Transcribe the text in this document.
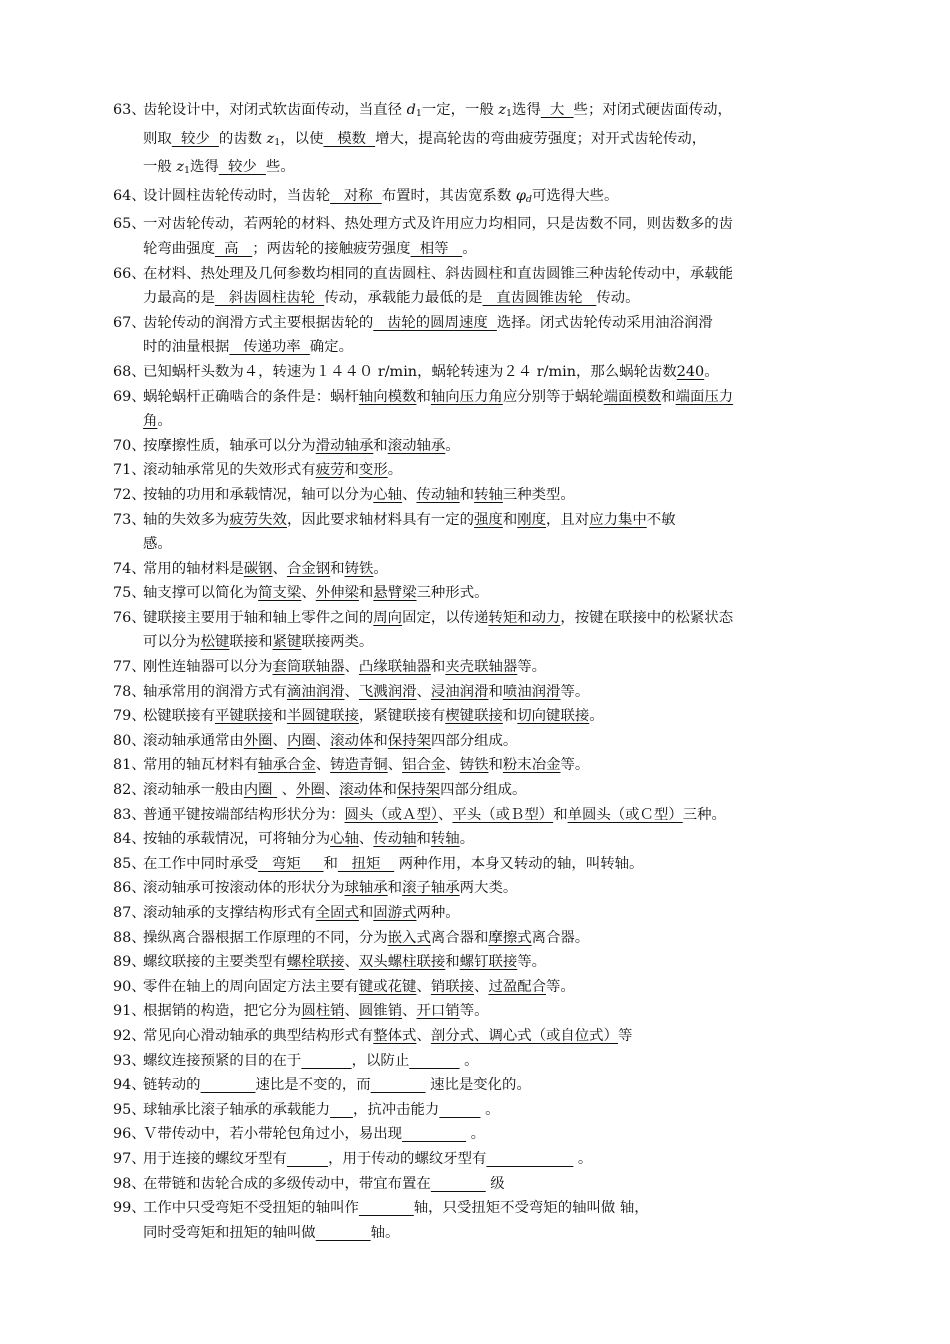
63、齿轮设计中，对闭式软齿面传动，当直径 $d_1$一定，一般 $z_1$选得  大  些；对闭式硬齿面传动，
则取  较少  的齿数 $z_1$，以使   模数  增大，提高轮齿的弯曲疲劳强度；对开式齿轮传动，
一般 $z_1$选得  较少  些。
64、设计圆柱齿轮传动时，当齿轮   对称  布置时，其齿宽系数 $\varphi_d$可选得大些。
65、一对齿轮传动，若两轮的材料、热处理方式及许用应力均相同，只是齿数不同，则齿数多的齿
轮弯曲强度  高   ；两齿轮的接触疲劳强度  相等   。
66、在材料、热处理及几何参数均相同的直齿圆柱、斜齿圆柱和直齿圆锥三种齿轮传动中，承载能
力最高的是   斜齿圆柱齿轮  传动，承载能力最低的是   直齿圆锥齿轮   传动。
67、齿轮传动的润滑方式主要根据齿轮的   齿轮的圆周速度  选择。闭式齿轮传动采用油浴润滑
时的油量根据   传递功率  确定。
68、已知蜗杆头数为４，转速为１４４０ r/min，蜗轮转速为２４ r/min，那么蜗轮齿数240。
69、蜗轮蜗杆正确啮合的条件是：蜗杆轴向模数和轴向压力角应分别等于蜗轮端面模数和端面压力
角。
70、按摩擦性质，轴承可以分为滑动轴承和滚动轴承。
71、滚动轴承常见的失效形式有疲劳和变形。
72、按轴的功用和承载情况，轴可以分为心轴、传动轴和转轴三种类型。
73、轴的失效多为疲劳失效，因此要求轴材料具有一定的强度和刚度，且对应力集中不敏
感。
74、常用的轴材料是碳钢、合金钢和铸铁。
75、轴支撑可以简化为简支梁、外伸梁和悬臂梁三种形式。
76、键联接主要用于轴和轴上零件之间的周向固定，以传递转矩和动力，按键在联接中的松紧状态
可以分为松键联接和紧键联接两类。
77、刚性连轴器可以分为套筒联轴器、凸缘联轴器和夹壳联轴器等。
78、轴承常用的润滑方式有滴油润滑、飞溅润滑、浸油润滑和喷油润滑等。
79、松键联接有平键联接和半圆键联接，紧键联接有楔键联接和切向键联接。
80、滚动轴承通常由外圈、内圈、滚动体和保持架四部分组成。
81、常用的轴瓦材料有轴承合金、铸造青铜、铝合金、铸铁和粉末冶金等。
82、滚动轴承一般由内圈  、外圈、滚动体和保持架四部分组成。
83、普通平键按端部结构形状分为：圆头（或Ａ型）、平头（或Ｂ型）和单圆头（或Ｃ型）三种。
84、按轴的承载情况，可将轴分为心轴、传动轴和转轴。
85、在工作中同时承受   弯矩     和   扭矩    两种作用，本身又转动的轴，叫转轴。
86、滚动轴承可按滚动体的形状分为球轴承和滚子轴承两大类。
87、滚动轴承的支撑结构形式有全固式和固游式两种。
88、操纵离合器根据工作原理的不同，分为嵌入式离合器和摩擦式离合器。
89、螺纹联接的主要类型有螺栓联接、双头螺柱联接和螺钉联接等。
90、零件在轴上的周向固定方法主要有键或花键、销联接、过盈配合等。
91、根据销的构造，把它分为圆柱销、圆锥销、开口销等。
92、常见向心滑动轴承的典型结构形式有整体式、剖分式、调心式（或自位式）等
93、螺纹连接预紧的目的在于	，以防止	。
94、链转动的	速比是不变的，而	速比是变化的。
95、球轴承比滚子轴承的承载能力 ，抗冲击能力	。
96、Ｖ带传动中，若小带轮包角过小，易出现	。
97、用于连接的螺纹牙型有	，用于传动的螺纹牙型有	。
98、在带链和齿轮合成的多级传动中，带宜布置在	级
99、工作中只受弯矩不受扭矩的轴叫作	轴，只受扭矩不受弯矩的轴叫做 轴，
同时受弯矩和扭矩的轴叫做	轴。
